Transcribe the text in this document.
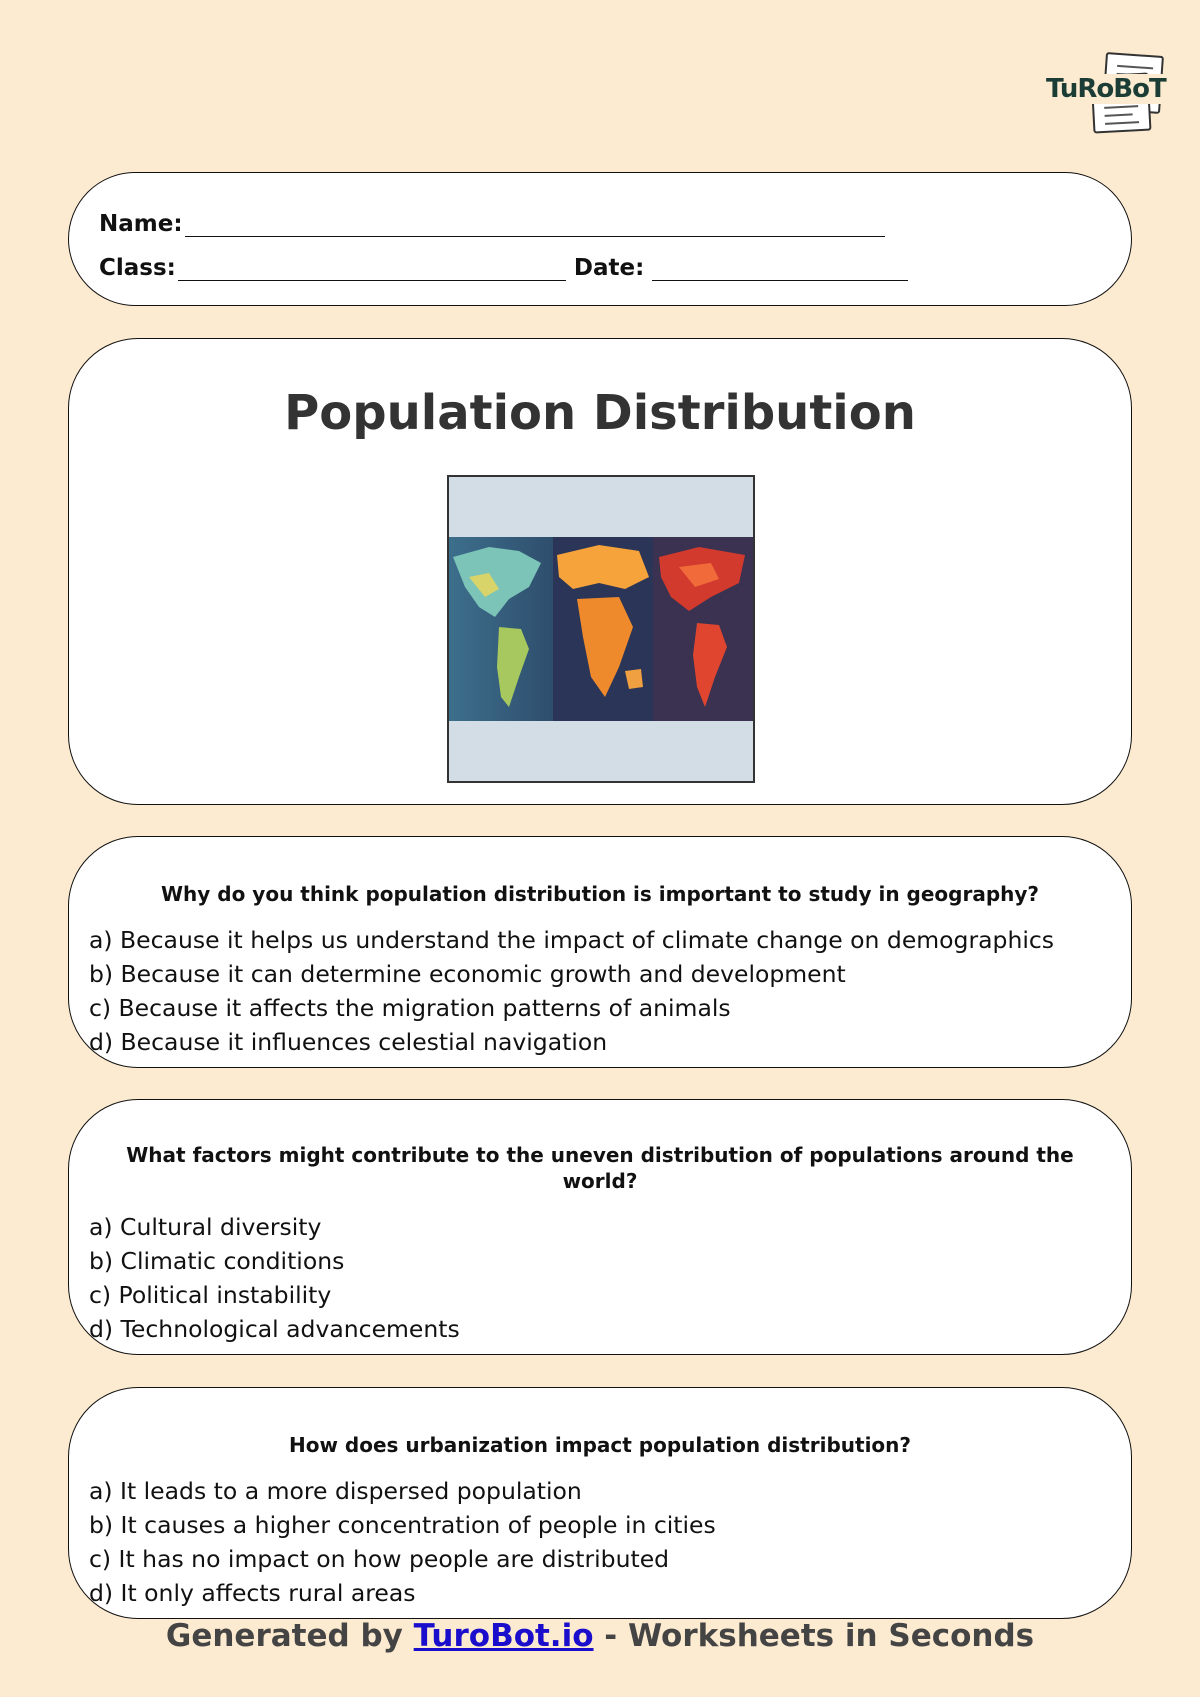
TuRoBoT
Name:
Class:	Date:
Population Distribution
Why do you think population distribution is important to study in geography?
a) Because it helps us understand the impact of climate change on demographics
b) Because it can determine economic growth and development
c) Because it affects the migration patterns of animals
d) Because it influences celestial navigation
What factors might contribute to the uneven distribution of populations around the world?
a) Cultural diversity
b) Climatic conditions
c) Political instability
d) Technological advancements
How does urbanization impact population distribution?
a) It leads to a more dispersed population
b) It causes a higher concentration of people in cities
c) It has no impact on how people are distributed
d) It only affects rural areas
Generated by TuroBot.io - Worksheets in Seconds
